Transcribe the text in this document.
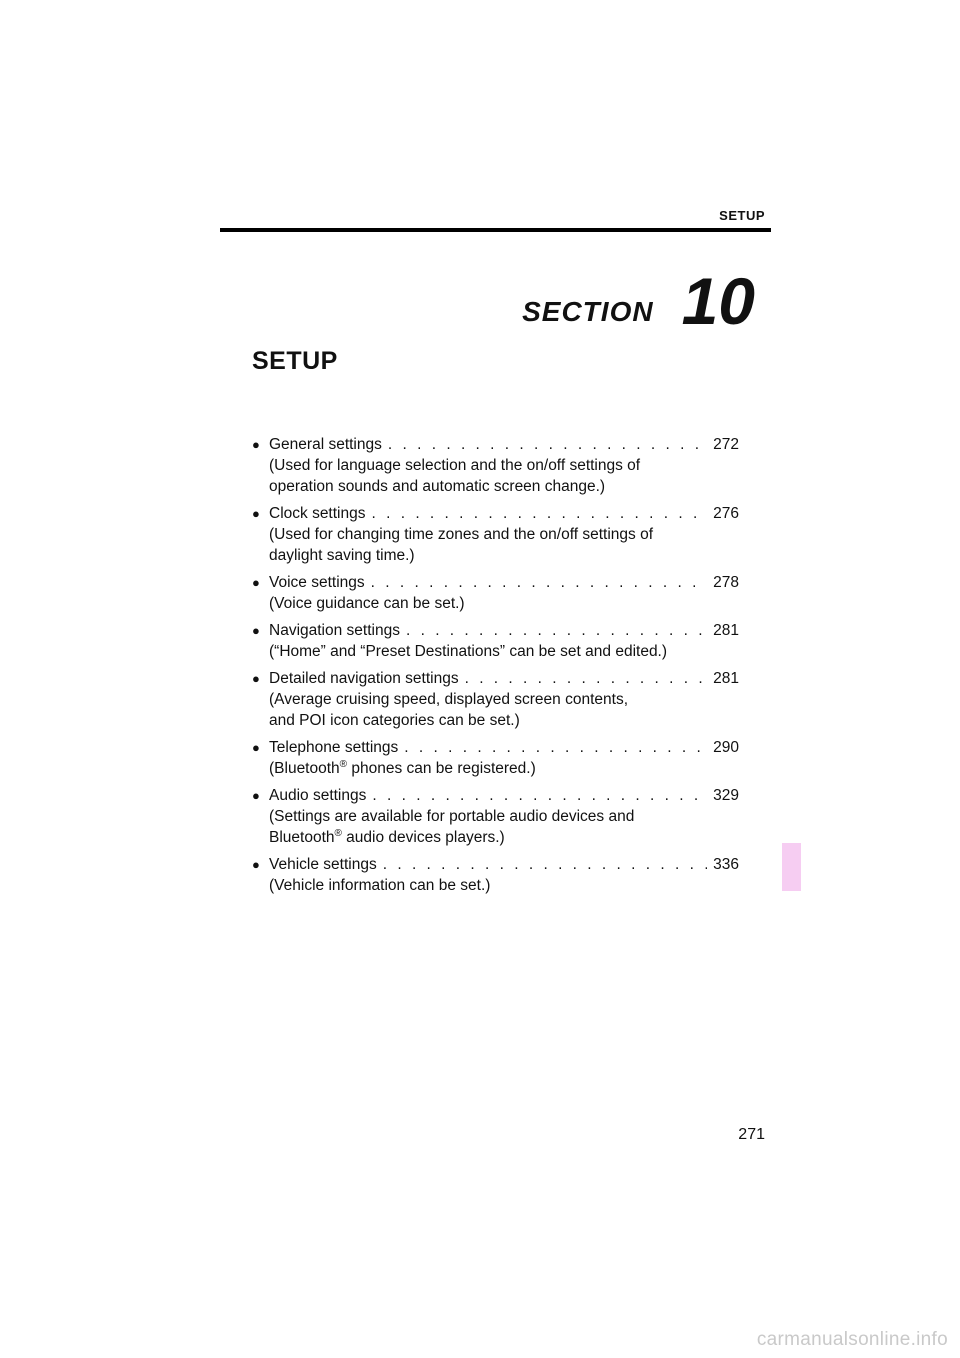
SETUP
SECTION 10
SETUP
● General settings . . .	272
(Used for language selection and the on/off settings of
operation sounds and automatic screen change.)
● Clock settings . . .	276
(Used for changing time zones and the on/off settings of
daylight saving time.)
● Voice settings . . .	278
(Voice guidance can be set.)
● Navigation settings . . .	281
(“Home” and “Preset Destinations” can be set and edited.)
● Detailed navigation settings . . .	281
(Average cruising speed, displayed screen contents,
and POI icon categories can be set.)
● Telephone settings . . .	290
(Bluetooth® phones can be registered.)
● Audio settings . . .	329
(Settings are available for portable audio devices and
Bluetooth® audio devices players.)
● Vehicle settings . . .	336
(Vehicle information can be set.)
271
carmanualsonline.info
